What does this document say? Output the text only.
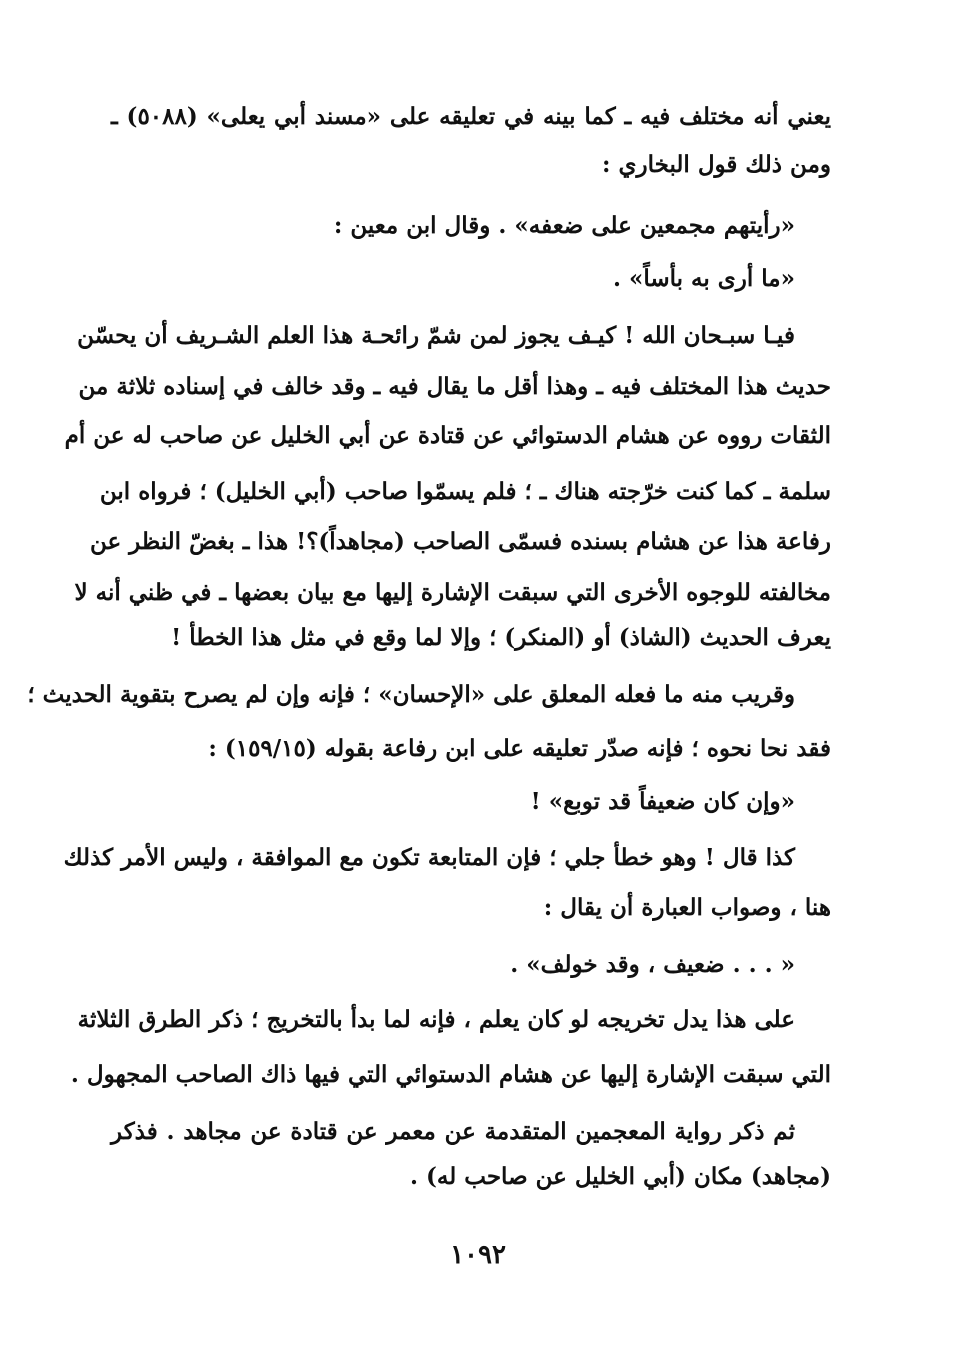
يعني أنه مختلف فيه ـ كما بينه في تعليقه على «مسند أبي يعلى» (٥٠٨٨) ـ
ومن ذلك قول البخاري :
«رأيتهم مجمعين على ضعفه» . وقال ابن معين :
«ما أرى به بأساً» .
فيـا سبـحان الله ! كيـف يجوز لمن شمّ رائحـة هذا العلم الشـريف أن يحسّن
حديث هذا المختلف فيه ـ وهذا أقل ما يقال فيه ـ وقد خالف في إسناده ثلاثة من
الثقات رووه عن هشام الدستوائي عن قتادة عن أبي الخليل عن صاحب له عن أم
سلمة ـ كما كنت خرّجته هناك ـ ؛ فلم يسمّوا صاحب (أبي الخليل) ؛ فرواه ابن
رفاعة هذا عن هشام بسنده فسمّى الصاحب (مجاهداً)؟! هذا ـ بغضّ النظر عن
مخالفته للوجوه الأخرى التي سبقت الإشارة إليها مع بيان بعضها ـ في ظني أنه لا
يعرف الحديث (الشاذ) أو (المنكر) ؛ وإلا لما وقع في مثل هذا الخطأ !
وقريب منه ما فعله المعلق على «الإحسان» ؛ فإنه وإن لم يصرح بتقوية الحديث ؛
فقد نحا نحوه ؛ فإنه صدّر تعليقه على ابن رفاعة بقوله (١٥٩/١٥) :
«وإن كان ضعيفاً قد توبع» !
كذا قال ! وهو خطأ جلي ؛ فإن المتابعة تكون مع الموافقة ، وليس الأمر كذلك
هنا ، وصواب العبارة أن يقال :
« . . . ضعيف ، وقد خولف» .
على هذا يدل تخريجه لو كان يعلم ، فإنه لما بدأ بالتخريج ؛ ذكر الطرق الثلاثة
التي سبقت الإشارة إليها عن هشام الدستوائي التي فيها ذاك الصاحب المجهول .
ثم ذكر رواية المعجمين المتقدمة عن معمر عن قتادة عن مجاهد . فذكر
(مجاهد) مكان (أبي الخليل عن صاحب له) .
١٠٩٢
